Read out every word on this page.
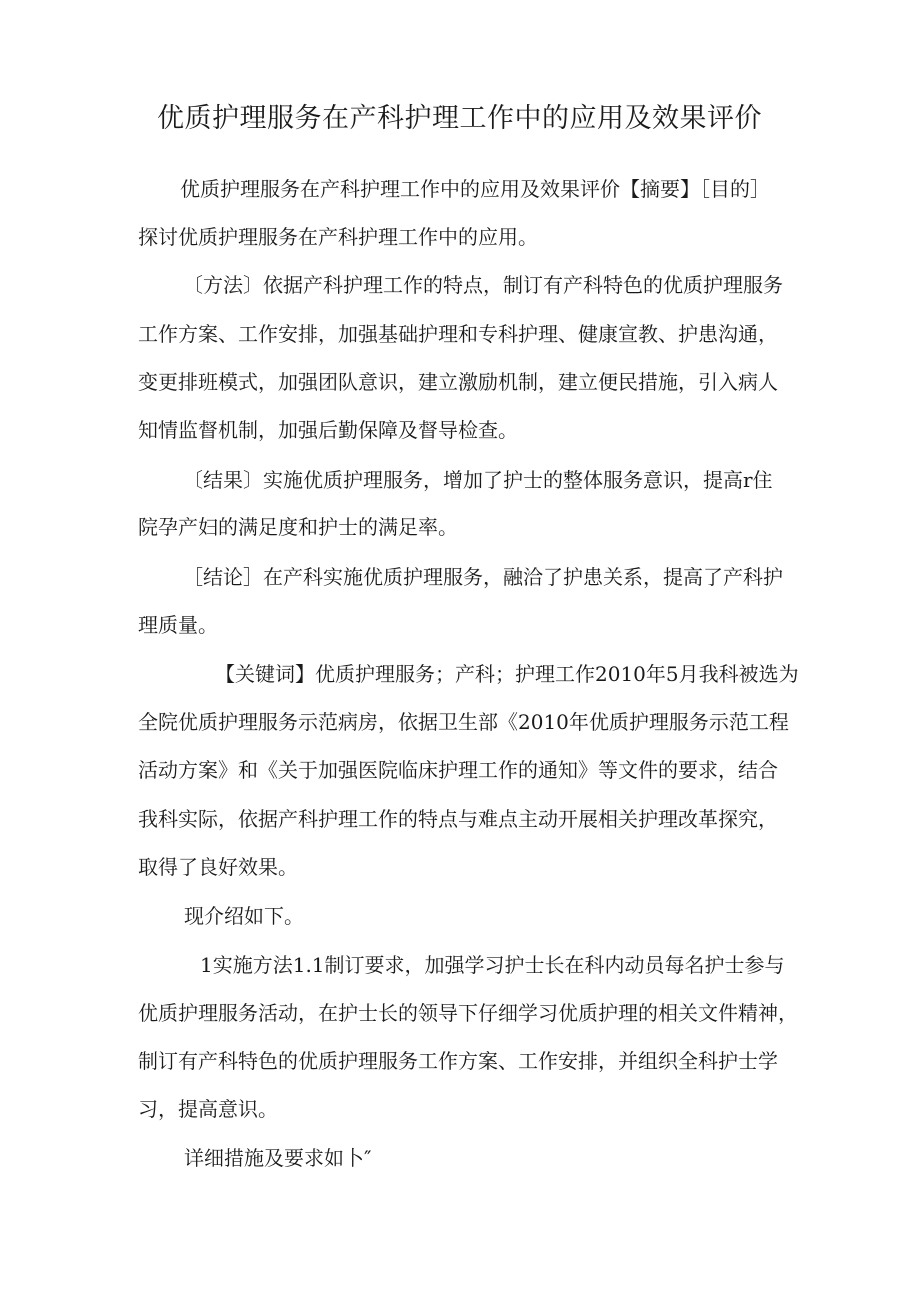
优质护理服务在产科护理工作中的应用及效果评价
优质护理服务在产科护理工作中的应用及效果评价【摘要】［目的］
探讨优质护理服务在产科护理工作中的应用。
〔方法〕依据产科护理工作的特点，制订有产科特色的优质护理服务
工作方案、工作安排，加强基础护理和专科护理、健康宣教、护患沟通，
变更排班模式，加强团队意识，建立激励机制，建立便民措施，引入病人
知情监督机制，加强后勤保障及督导检查。
〔结果〕实施优质护理服务，增加了护士的整体服务意识，提高r住
院孕产妇的满足度和护士的满足率。
［结论］在产科实施优质护理服务，融洽了护患关系，提高了产科护
理质量。
【关键词】优质护理服务；产科；护理工作2010年5月我科被选为
全院优质护理服务示范病房，依据卫生部《2010年优质护理服务示范工程
活动方案》和《关于加强医院临床护理工作的通知》等文件的要求，结合
我科实际，依据产科护理工作的特点与难点主动开展相关护理改革探究，
取得了良好效果。
现介绍如下。
1实施方法1.1制订要求，加强学习护士长在科内动员每名护士参与
优质护理服务活动，在护士长的领导下仔细学习优质护理的相关文件精神，
制订有产科特色的优质护理服务工作方案、工作安排，并组织全科护士学
习，提高意识。
详细措施及要求如卜″
